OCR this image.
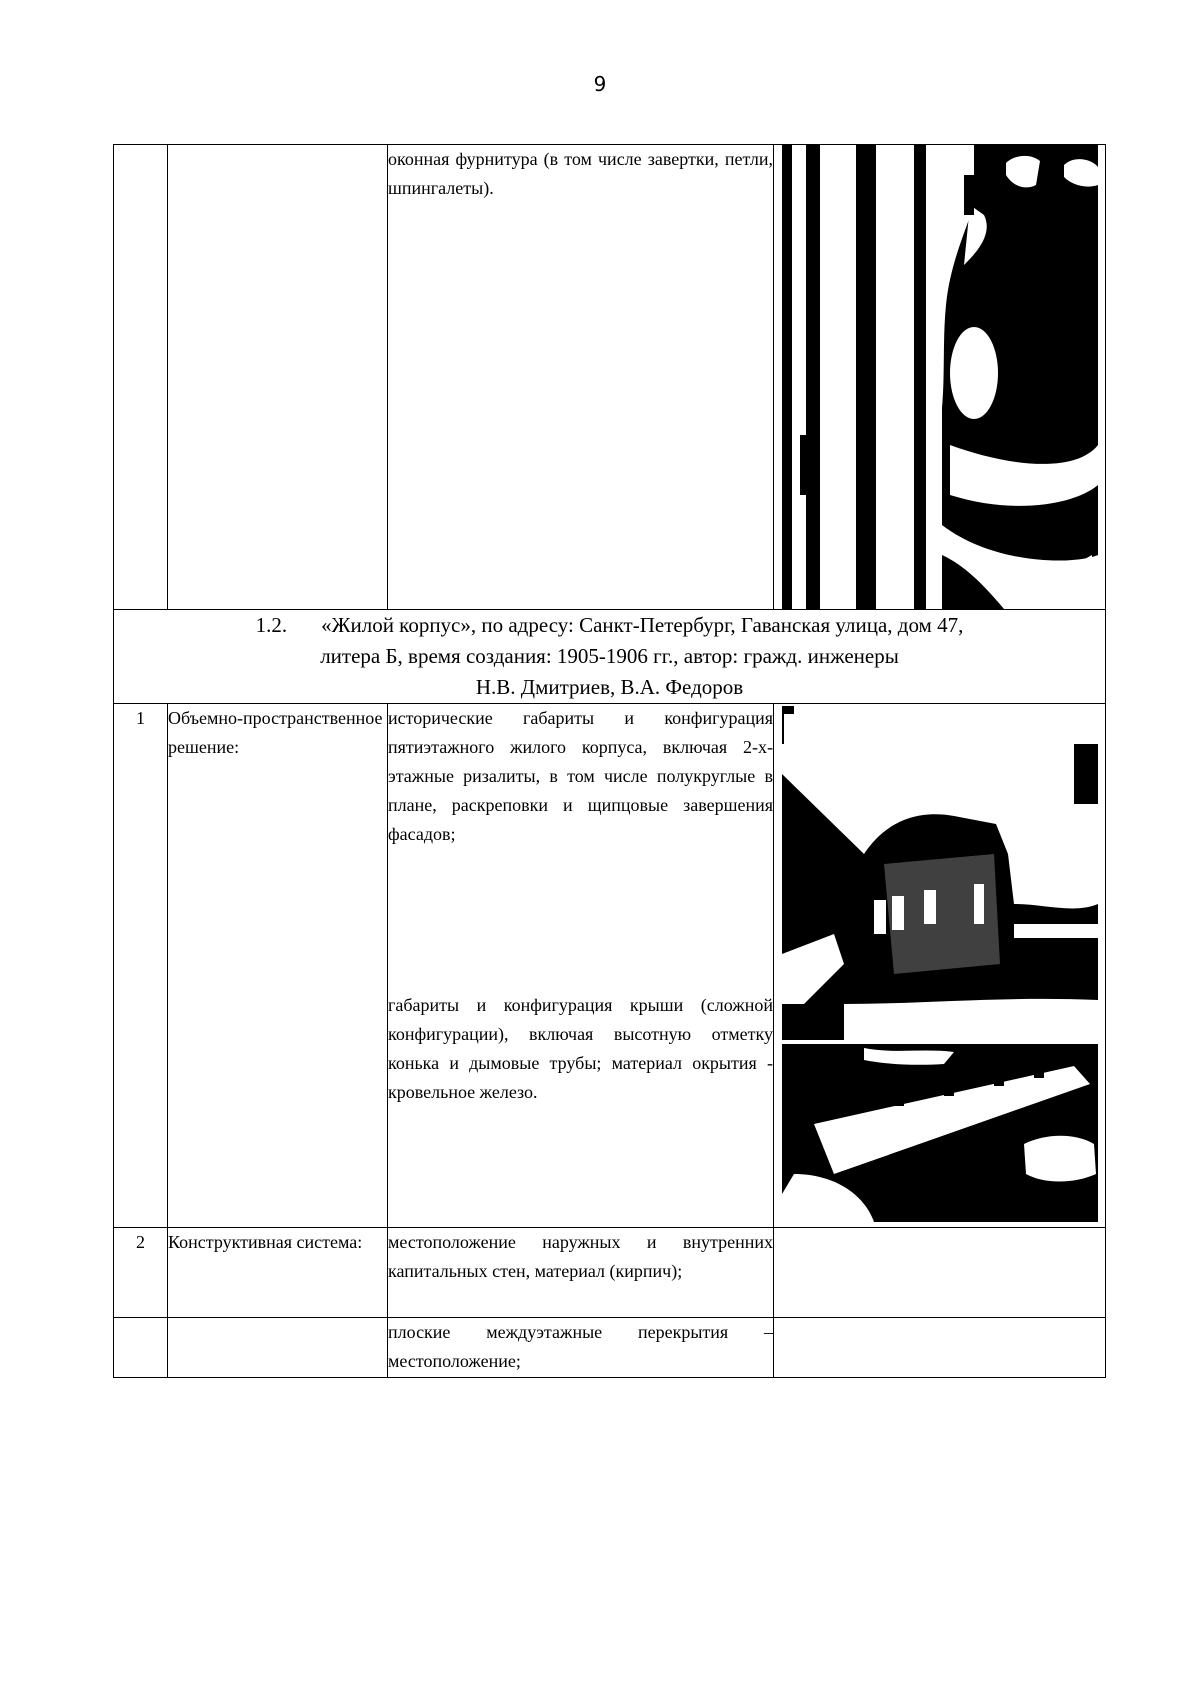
9

		оконная фурнитура (в том числе завертки, петли, шпингалеты).

1.2. «Жилой корпус», по адресу: Санкт-Петербург, Гаванская улица, дом 47,
литера Б, время создания: 1905-1906 гг., автор: гражд. инженеры
Н.В. Дмитриев, В.А. Федоров			

1	Объемно-пространственное решение:	исторические габариты и конфигурация пятиэтажного жилого корпуса, включая 2-х-этажные ризалиты, в том числе полукруглые в плане, раскреповки и щипцовые завершения фасадов;

габариты и конфигурация крыши (сложной конфигурации), включая высотную отметку конька и дымовые трубы; материал окрытия - кровельное железо.

2	Конструктивная система:	местоположение наружных и внутренних капитальных стен, материал (кирпич);	

		плоские междуэтажные перекрытия – местоположение;	
